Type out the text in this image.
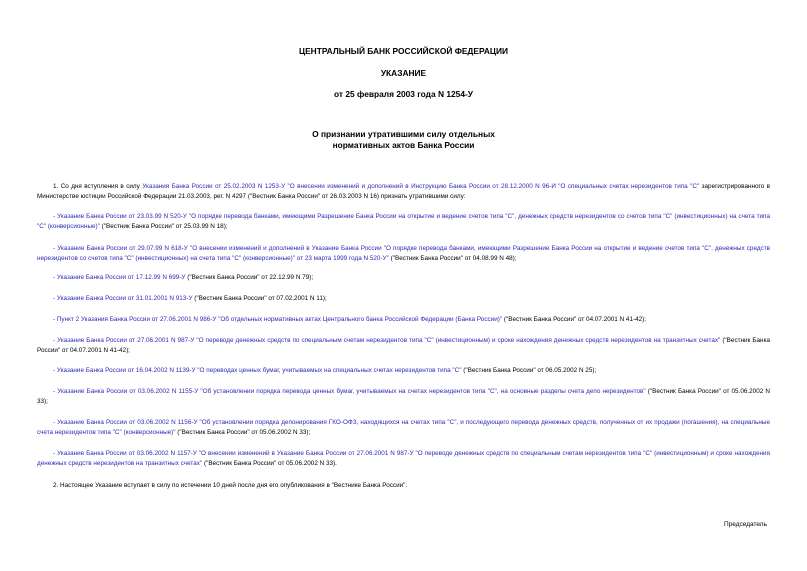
ЦЕНТРАЛЬНЫЙ БАНК РОССИЙСКОЙ ФЕДЕРАЦИИ

УКАЗАНИЕ

от 25 февраля 2003 года N 1254-У

О признании утратившими силу отдельных

нормативных актов Банка России

1. Со дня вступления в силу Указания Банка России от 25.02.2003 N 1253-У "О внесении изменений и дополнений в Инструкцию Банка России от 28.12.2000 N 96-И "О специальных счетах нерезидентов типа "С" зарегистрированного в Министерстве юстиции Российской Федерации 21.03.2003, рег. N 4297 ("Вестник Банка России" от 26.03.2003 N 16) признать утратившими силу:

- Указание Банка России от 23.03.99 N 520-У "О порядке перевода банками, имеющими Разрешение Банка России на открытие и ведение счетов типа "С", денежных средств нерезидентов со счетов типа "С" (инвестиционных) на счета типа "С" (конверсионные)" ("Вестник Банка России" от 25.03.99 N 18);

- Указание Банка России от 29.07.99 N 618-У "О внесении изменений и дополнений в Указание Банка России "О порядке перевода банками, имеющими Разрешение Банка России на открытие и ведение счетов типа "С", денежных средств нерезидентов со счетов типа "С" (инвестиционных) на счета типа "С" (конверсионные)" от 23 марта 1999 года N 520-У" ("Вестник Банка России" от 04.08.99 N 48);

- Указание Банка России от 17.12.99 N 699-У ("Вестник Банка России" от 22.12.99 N 79);

- Указание Банка России от 31.01.2001 N 913-У ("Вестник Банка России" от 07.02.2001 N 11);

- Пункт 2 Указания Банка России от 27.06.2001 N 986-У "Об отдельных нормативных актах Центрального банка Российской Федерации (Банка России)" ("Вестник Банка России" от 04.07.2001 N 41-42);

- Указание Банка России от 27.06.2001 N 987-У "О переводе денежных средств по специальным счетам нерезидентов типа "С" (инвестиционным) и сроке нахождения денежных средств нерезидентов на транзитных счетах" ("Вестник Банка России" от 04.07.2001 N 41-42);

- Указание Банка России от 16.04.2002 N 1139-У "О переводах ценных бумаг, учитываемых на специальных счетах нерезидентов типа "С" ("Вестник Банка России" от 06.05.2002 N 25);

- Указание Банка России от 03.06.2002 N 1155-У "Об установлении порядка перевода ценных бумаг, учитываемых на счетах нерезидентов типа "С", на основные разделы счета депо нерезидентов" ("Вестник Банка России" от 05.06.2002 N 33);

- Указание Банка России от 03.06.2002 N 1156-У "Об установлении порядка депонирования ГКО-ОФЗ, находящихся на счетах типа "С", и последующего перевода денежных средств, полученных от их продажи (погашения), на специальные счета нерезидентов типа "С" (конверсионные)" ("Вестник Банка России" от 05.06.2002 N 33);

- Указание Банка России от 03.06.2002 N 1157-У "О внесении изменений в Указание Банка России от 27.06.2001 N 987-У "О переводе денежных средств по специальным счетам нерезидентов типа "С" (инвестиционным) и сроке нахождения денежных средств нерезидентов на транзитных счетах" ("Вестник Банка России" от 05.06.2002 N 33).

2. Настоящее Указание вступает в силу по истечении 10 дней после дня его опубликования в "Вестнике Банка России".

Председатель
